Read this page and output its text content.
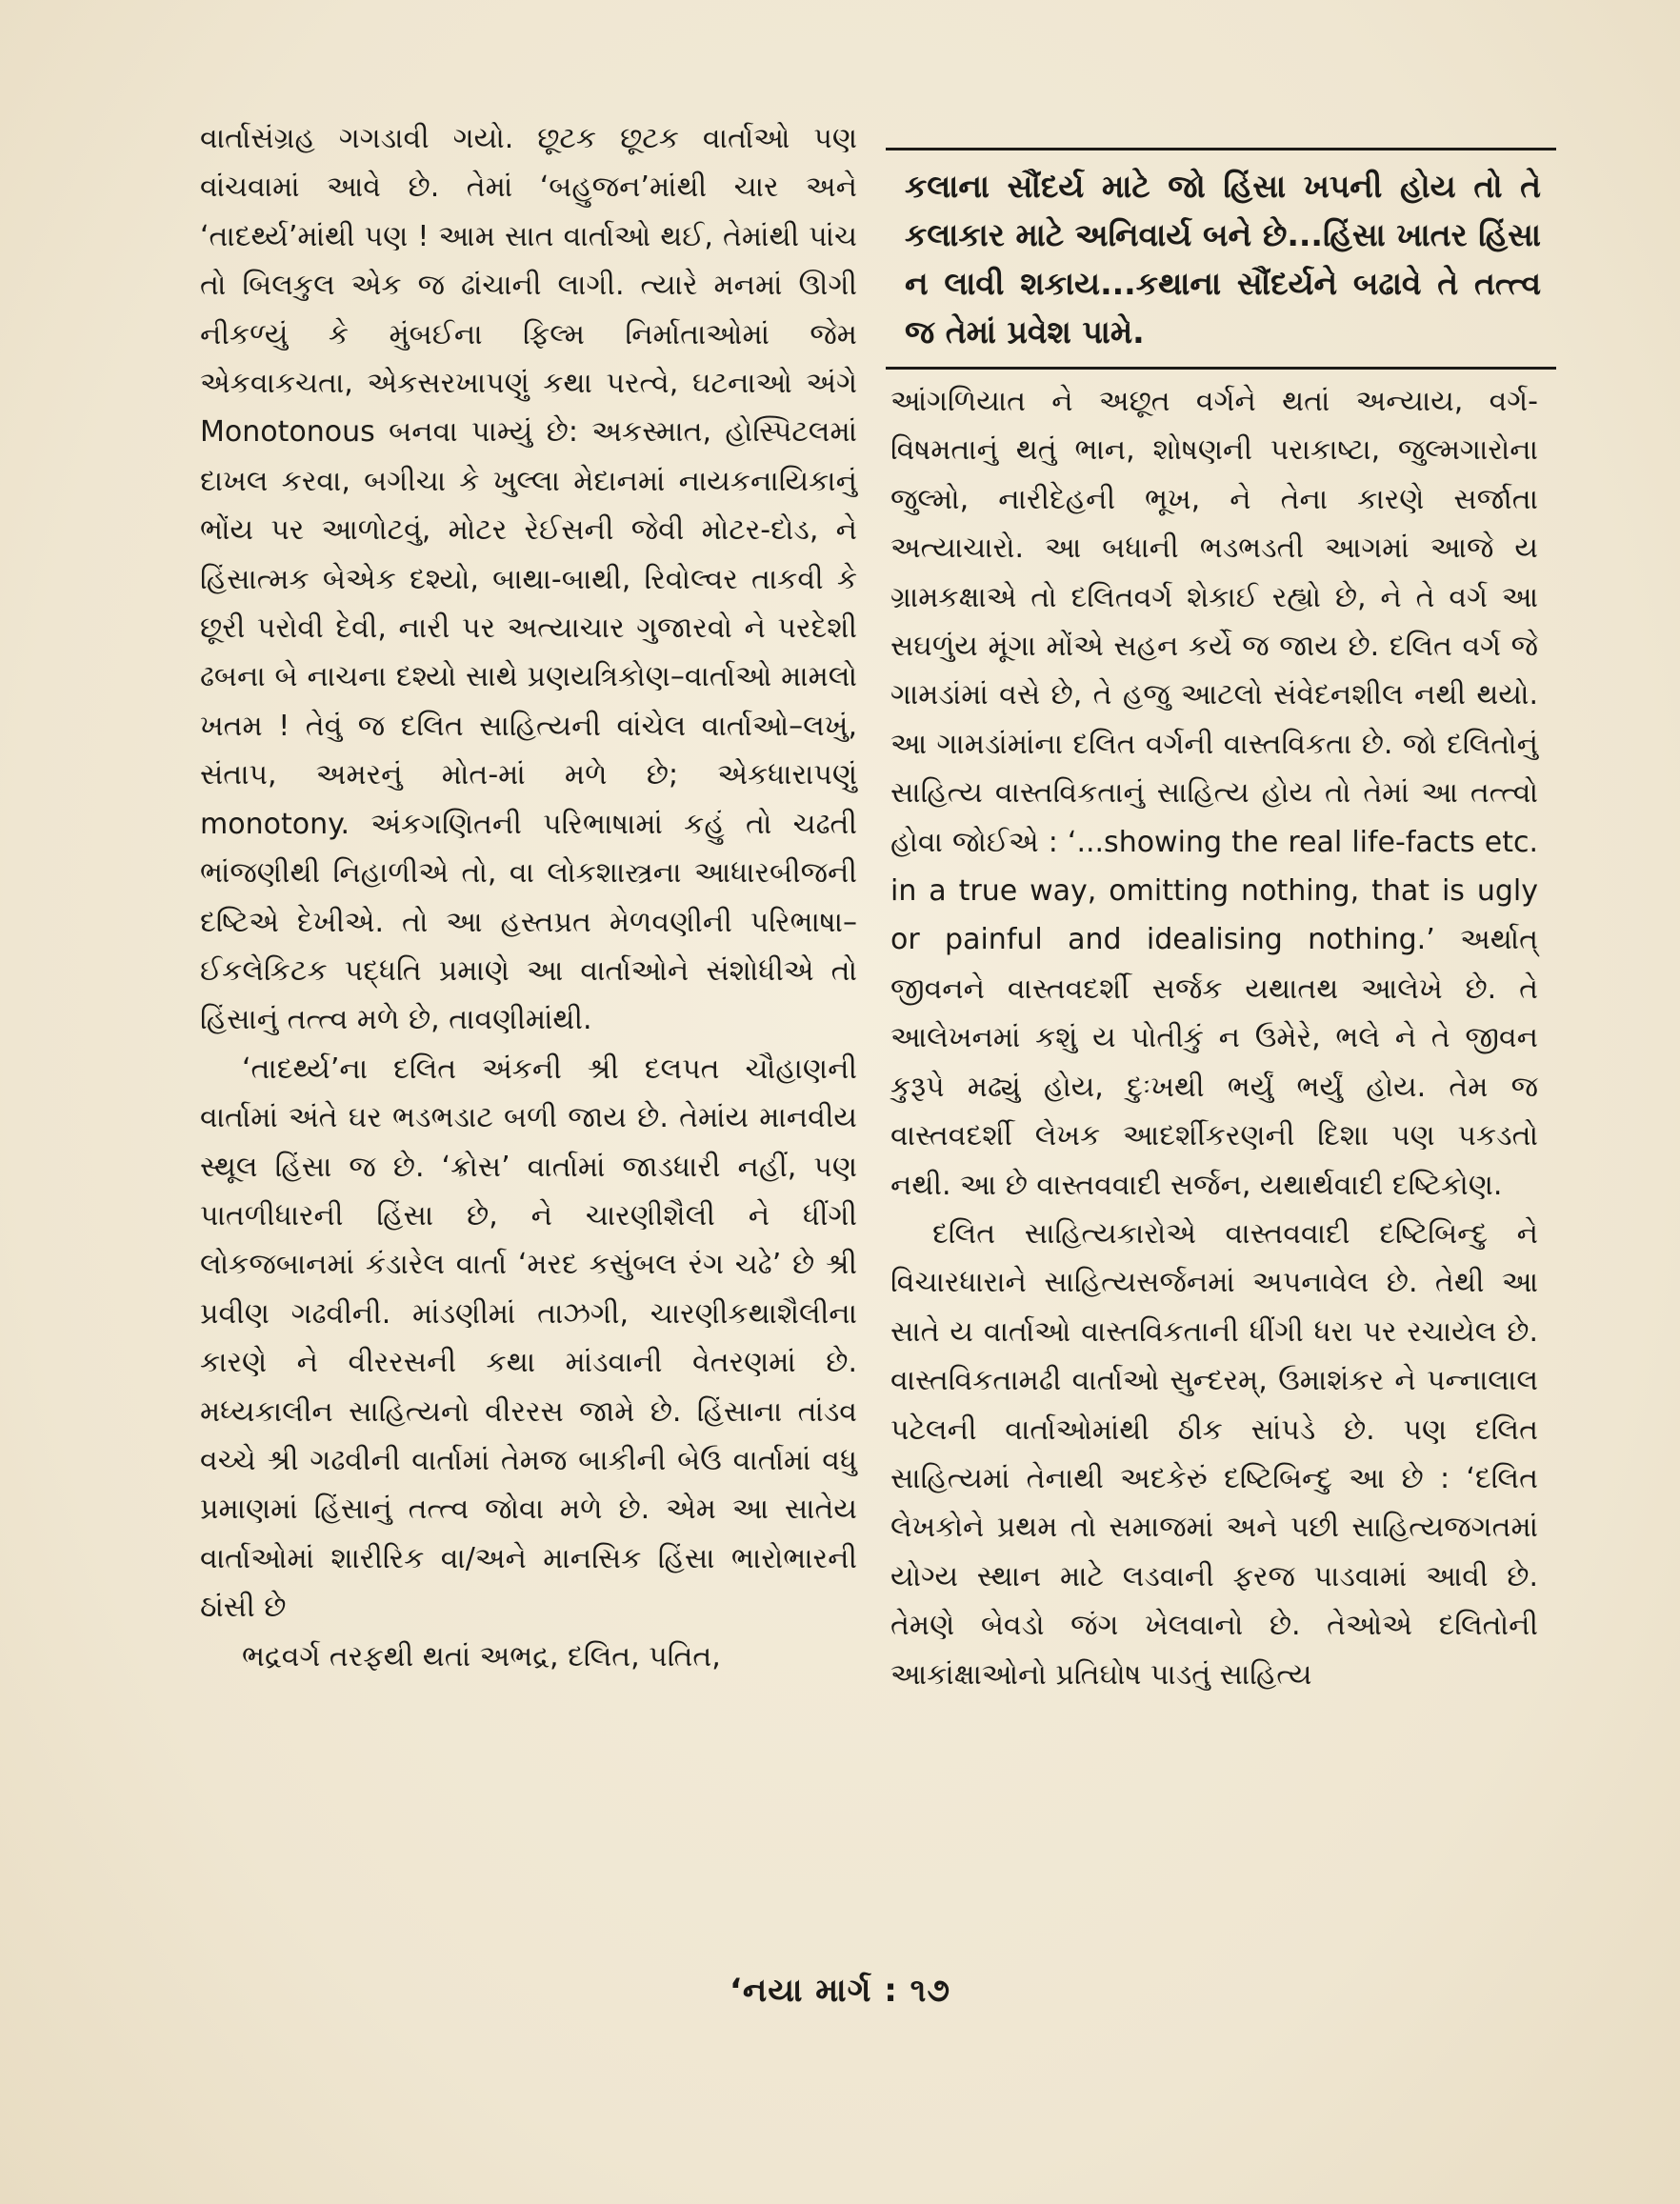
વાર્તાસંગ્રહ ગગડાવી ગયો. છૂટક છૂટક વાર્તાઓ પણ વાંચવામાં આવે છે. તેમાં ‘બહુજન’માંથી ચાર અને ‘તાદર્થ્ય’માંથી પણ ! આમ સાત વાર્તાઓ થઈ, તેમાંથી પાંચ તો બિલકુલ એક જ ઢાંચાની લાગી. ત્યારે મનમાં ઊગી નીકળ્યું કે મુંબઈના ફિલ્મ નિર્માતાઓમાં જેમ એકવાકચતા, એકસરખાપણું કથા પરત્વે, ઘટનાઓ અંગે Monotonous બનવા પામ્યું છે: અકસ્માત, હોસ્પિટલમાં દાખલ કરવા, બગીચા કે ખુલ્લા મેદાનમાં નાયકનાયિકાનું ભોંય પર આળોટવું, મોટર રેઈસની જેવી મોટર-દોડ, ને હિંસાત્મક બેએક દશ્યો, બાથા-બાથી, રિવોલ્વર તાકવી કે છૂરી પરોવી દેવી, નારી પર અત્યાચાર ગુજારવો ને પરદેશી ઢબના બે નાચના દશ્યો સાથે પ્રણયત્રિકોણ–વાર્તાઓ મામલો ખતમ ! તેવું જ દલિત સાહિત્યની વાંચેલ વાર્તાઓ–લખું, સંતાપ, અમરનું મોત-માં મળે છે; એકધારાપણું monotony. અંકગણિતની પરિભાષામાં કહું તો ચઢતી ભાંજણીથી નિહાળીએ તો, વા લોકશાસ્ત્રના આધારબીજની દષ્ટિએ દેખીએ. તો આ હસ્તપ્રત મેળવણીની પરિભાષા–ઈકલેકિટક પદ્ધતિ પ્રમાણે આ વાર્તાઓને સંશોધીએ તો હિંસાનું તત્ત્વ મળે છે, તાવણીમાંથી.

‘તાદર્થ્ય’ના દલિત અંકની શ્રી દલપત ચૌહાણની વાર્તામાં અંતે ઘર ભડભડાટ બળી જાય છે. તેમાંય માનવીય સ્થૂલ હિંસા જ છે. ‘ક્રોસ’ વાર્તામાં જાડધારી નહીં, પણ પાતળીધારની હિંસા છે, ને ચારણીશૈલી ને ધીંગી લોકજબાનમાં કંડારેલ વાર્તા ‘મરદ કસુંબલ રંગ ચઢે’ છે શ્રી પ્રવીણ ગઢવીની. માંડણીમાં તાઝગી, ચારણીકથાશૈલીના કારણે ને વીરરસની કથા માંડવાની વેતરણમાં છે. મધ્યકાલીન સાહિત્યનો વીરરસ જામે છે. હિંસાના તાંડવ વચ્ચે શ્રી ગઢવીની વાર્તામાં તેમજ બાકીની બેઉ વાર્તામાં વધુ પ્રમાણમાં હિંસાનું તત્ત્વ જોવા મળે છે. એમ આ સાતેય વાર્તાઓમાં શારીરિક વા/અને માનસિક હિંસા ભારોભારની ઠાંસી છે

ભદ્રવર્ગ તરફથી થતાં અભદ્ર, દલિત, પતિત,

કલાના સૌંદર્ય માટે જો હિંસા ખપની હોય તો તે કલાકાર માટે અનિવાર્ય બને છે...હિંસા ખાતર હિંસા ન લાવી શકાય...કથાના સૌંદર્યને બઢાવે તે તત્ત્વ જ તેમાં પ્રવેશ પામે.

આંગળિયાત ને અછૂત વર્ગને થતાં અન્યાય, વર્ગ-વિષમતાનું થતું ભાન, શોષણની પરાકાષ્ટા, જુલ્મગારોના જુલ્મો, નારીદેહની ભૂખ, ને તેના કારણે સર્જાતા અત્યાચારો. આ બધાની ભડભડતી આગમાં આજે ય ગ્રામકક્ષાએ તો દલિતવર્ગ શેકાઈ રહ્યો છે, ને તે વર્ગ આ સઘળુંય મૂંગા મોંએ સહન કર્યે જ જાય છે. દલિત વર્ગ જે ગામડાંમાં વસે છે, તે હજુ આટલો સંવેદનશીલ નથી થયો. આ ગામડાંમાંના દલિત વર્ગની વાસ્તવિકતા છે. જો દલિતોનું સાહિત્ય વાસ્તવિકતાનું સાહિત્ય હોય તો તેમાં આ તત્ત્વો હોવા જોઈએ : ‘...showing the real life-facts etc. in a true way, omitting nothing, that is ugly or painful and idealising nothing.’ અર્થાત્ જીવનને વાસ્તવદર્શી સર્જક યથાતથ આલેખે છે. તે આલેખનમાં કશું ય પોતીકું ન ઉમેરે, ભલે ને તે જીવન કુરૂપે મઢ્યું હોય, દુઃખથી ભર્યું ભર્યું હોય. તેમ જ વાસ્તવદર્શી લેખક આદર્શીકરણની દિશા પણ પકડતો નથી. આ છે વાસ્તવવાદી સર્જન, યથાર્થવાદી દષ્ટિકોણ.

દલિત સાહિત્યકારોએ વાસ્તવવાદી દષ્ટિબિન્દુ ને વિચારધારાને સાહિત્યસર્જનમાં અપનાવેલ છે. તેથી આ સાતે ય વાર્તાઓ વાસ્તવિકતાની ધીંગી ધરા પર રચાયેલ છે. વાસ્તવિકતામઢી વાર્તાઓ સુન્દરમ્, ઉમાશંકર ને પન્નાલાલ પટેલની વાર્તાઓમાંથી ઠીક સાંપડે છે. પણ દલિત સાહિત્યમાં તેનાથી અદકેરું દષ્ટિબિન્દુ આ છે : ‘દલિત લેખકોને પ્રથમ તો સમાજમાં અને પછી સાહિત્યજગતમાં યોગ્ય સ્થાન માટે લડવાની ફરજ પાડવામાં આવી છે. તેમણે બેવડો જંગ ખેલવાનો છે. તેઓએ દલિતોની આકાંક્ષાઓનો પ્રતિઘોષ પાડતું સાહિત્ય

‘નયા માર્ગ : ૧૭
